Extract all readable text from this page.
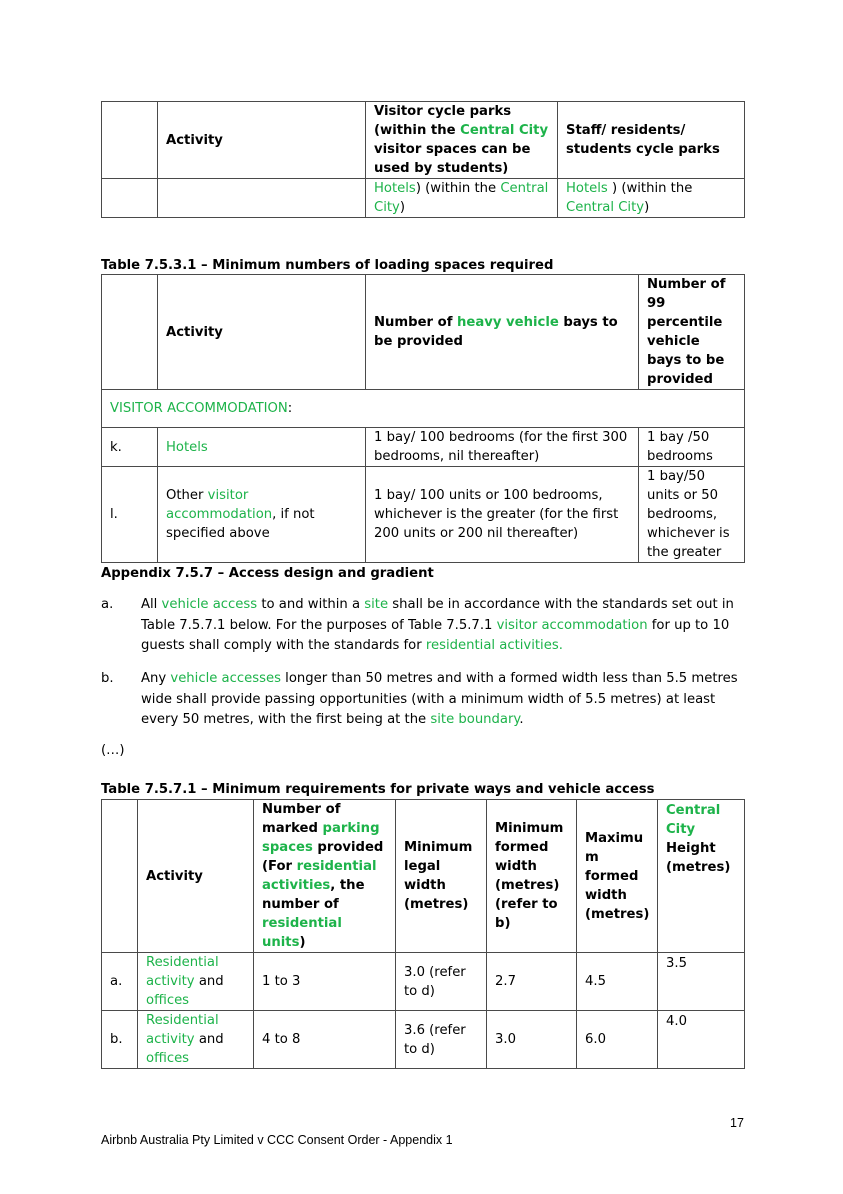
	Activity	Visitor cycle parks (within the Central City visitor spaces can be used by students)	Staff/ residents/ students cycle parks
		Hotels) (within the Central City)	Hotels ) (within the Central City)
Table 7.5.3.1 – Minimum numbers of loading spaces required
	Activity	Number of heavy vehicle bays to be provided	Number of 99 percentile vehicle bays to be provided
VISITOR ACCOMMODATION:			
k.	Hotels	1 bay/ 100 bedrooms (for the first 300 bedrooms, nil thereafter)	1 bay /50 bedrooms
l.	Other visitor accommodation, if not specified above	1 bay/ 100 units or 100 bedrooms, whichever is the greater (for the first 200 units or 200 nil thereafter)	1 bay/50 units or 50 bedrooms, whichever is the greater
Appendix 7.5.7 – Access design and gradient
a. All vehicle access to and within a site shall be in accordance with the standards set out in Table 7.5.7.1 below. For the purposes of Table 7.5.7.1 visitor accommodation for up to 10 guests shall comply with the standards for residential activities.
b. Any vehicle accesses longer than 50 metres and with a formed width less than 5.5 metres wide shall provide passing opportunities (with a minimum width of 5.5 metres) at least every 50 metres, with the first being at the site boundary.
(…)
Table 7.5.7.1 – Minimum requirements for private ways and vehicle access
	Activity	Number of marked parking spaces provided (For residential activities, the number of residential units)	Minimum legal width (metres)	Minimum formed width (metres) (refer to b)	Maximu m formed width (metres)	Central City Height (metres)
a.	Residential activity and offices	1 to 3	3.0 (refer to d)	2.7	4.5	3.5
b.	Residential activity and offices	4 to 8	3.6 (refer to d)	3.0	6.0	4.0
17
Airbnb Australia Pty Limited v CCC Consent Order - Appendix 1
